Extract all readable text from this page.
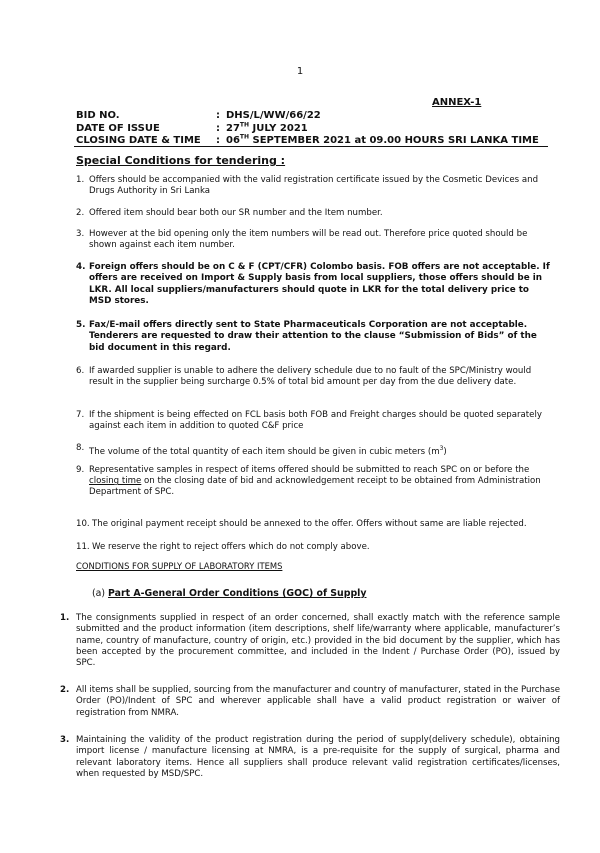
1
ANNEX-1
BID NO.	: DHS/L/WW/66/22
DATE OF ISSUE	: 27TH JULY 2021
CLOSING DATE & TIME : 06TH SEPTEMBER 2021 at 09.00 HOURS SRI LANKA TIME
Special Conditions for tendering :
1. Offers should be accompanied with the valid registration certificate issued by the Cosmetic Devices and Drugs Authority in Sri Lanka
2. Offered item should bear both our SR number and the Item number.
3. However at the bid opening only the item numbers will be read out. Therefore price quoted should be shown against each item number.
4. Foreign offers should be on C & F (CPT/CFR) Colombo basis. FOB offers are not acceptable. If offers are received on Import & Supply basis from local suppliers, those offers should be in LKR. All local suppliers/manufacturers should quote in LKR for the total delivery price to MSD stores.
5. Fax/E-mail offers directly sent to State Pharmaceuticals Corporation are not acceptable. Tenderers are requested to draw their attention to the clause “Submission of Bids” of the bid document in this regard.
6. If awarded supplier is unable to adhere the delivery schedule due to no fault of the SPC/Ministry would result in the supplier being surcharge 0.5% of total bid amount per day from the due delivery date.
7. If the shipment is being effected on FCL basis both FOB and Freight charges should be quoted separately against each item in addition to quoted C&F price
8. The volume of the total quantity of each item should be given in cubic meters $(m^3)$
9. Representative samples in respect of items offered should be submitted to reach SPC on or before the closing time on the closing date of bid and acknowledgement receipt to be obtained from Administration Department of SPC.
10. The original payment receipt should be annexed to the offer. Offers without same are liable rejected.
11. We reserve the right to reject offers which do not comply above.
CONDITIONS FOR SUPPLY OF LABORATORY ITEMS
(a) Part A-General Order Conditions (GOC) of Supply
1. The consignments supplied in respect of an order concerned, shall exactly match with the reference sample submitted and the product information (item descriptions, shelf life/warranty where applicable, manufacturer’s name, country of manufacture, country of origin, etc.) provided in the bid document by the supplier, which has been accepted by the procurement committee, and included in the Indent / Purchase Order (PO), issued by SPC.
2. All items shall be supplied, sourcing from the manufacturer and country of manufacturer, stated in the Purchase Order (PO)/Indent of SPC and wherever applicable shall have a valid product registration or waiver of registration from NMRA.
3. Maintaining the validity of the product registration during the period of supply(delivery schedule), obtaining import license / manufacture licensing at NMRA, is a pre-requisite for the supply of surgical, pharma and relevant laboratory items. Hence all suppliers shall produce relevant valid registration certificates/licenses, when requested by MSD/SPC.
